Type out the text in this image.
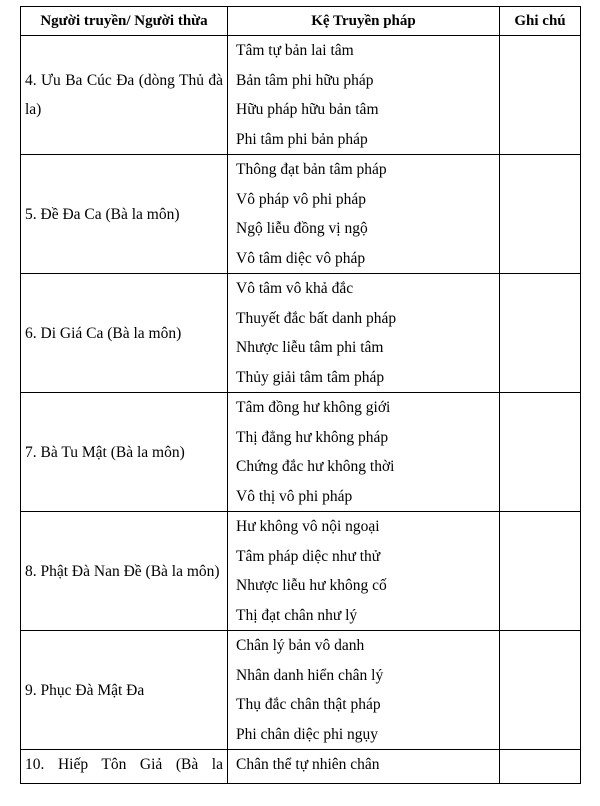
Người truyền/ Người thừa	Kệ Truyền pháp	Ghi chú
4. Ưu Ba Cúc Đa (dòng Thủ đà la)	Tâm tự bản lai tâm
Bản tâm phi hữu pháp
Hữu pháp hữu bản tâm
Phi tâm phi bản pháp	

5. Đề Đa Ca (Bà la môn)	Thông đạt bản tâm pháp
Vô pháp vô phi pháp
Ngộ liễu đồng vị ngộ
Vô tâm diệc vô pháp	

6. Di Giá Ca (Bà la môn)	Vô tâm vô khả đắc
Thuyết đắc bất danh pháp
Nhược liễu tâm phi tâm
Thủy giải tâm tâm pháp	

7. Bà Tu Mật (Bà la môn)	Tâm đồng hư không giới
Thị đẳng hư không pháp
Chứng đắc hư không thời
Vô thị vô phi pháp	

8. Phật Đà Nan Đề (Bà la môn)	Hư không vô nội ngoại
Tâm pháp diệc như thử
Nhược liễu hư không cố
Thị đạt chân như lý	

9. Phục Đà Mật Đa	Chân lý bản vô danh
Nhân danh hiển chân lý
Thụ đắc chân thật pháp
Phi chân diệc phi ngụy	

10. Hiếp Tôn Giả (Bà la	Chân thể tự nhiên chân	
